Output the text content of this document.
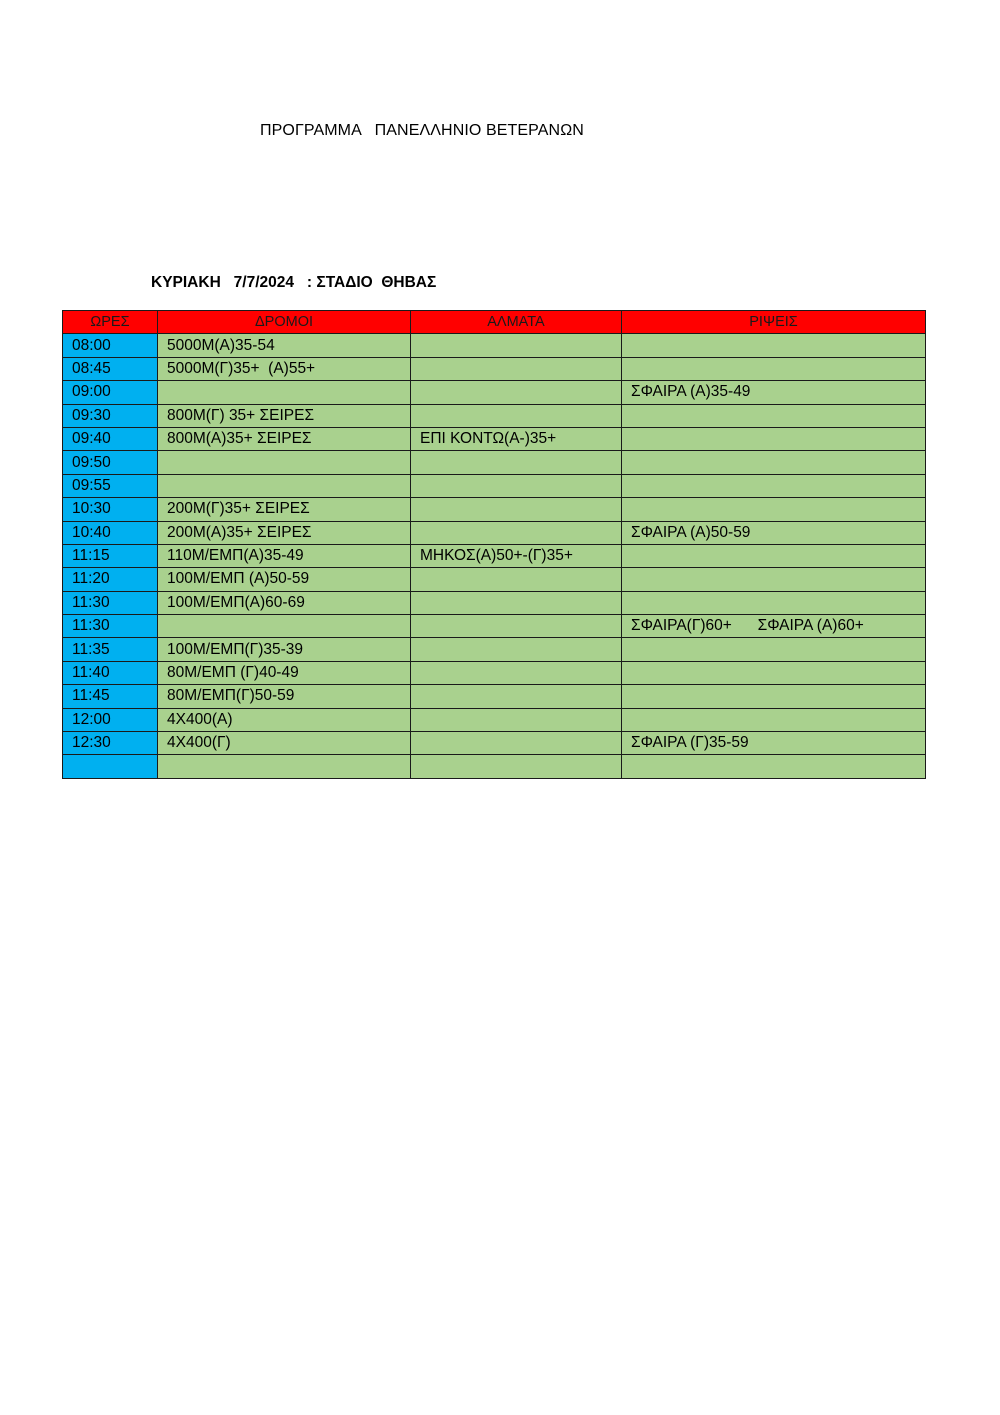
ΠΡΟΓΡΑΜΜΑ   ΠΑΝΕΛΛΗΝΙΟ ΒΕΤΕΡΑΝΩΝ
ΚΥΡΙΑΚΗ   7/7/2024   : ΣΤΑΔΙΟ  ΘΗΒΑΣ
ΩΡΕΣ	ΔΡΟΜΟΙ	ΑΛΜΑΤΑ	ΡΙΨΕΙΣ
08:00	5000Μ(Α)35-54		
08:45	5000Μ(Γ)35+  (Α)55+		
09:00			ΣΦΑΙΡΑ (Α)35-49
09:30	800Μ(Γ) 35+ ΣΕΙΡΕΣ		
09:40	800Μ(Α)35+ ΣΕΙΡΕΣ	ΕΠΙ ΚΟΝΤΩ(Α-)35+	
09:50			
09:55			
10:30	200Μ(Γ)35+ ΣΕΙΡΕΣ		
10:40	200Μ(Α)35+ ΣΕΙΡΕΣ		ΣΦΑΙΡΑ (Α)50-59
11:15	110Μ/ΕΜΠ(Α)35-49	ΜΗΚΟΣ(Α)50+-(Γ)35+	
11:20	100Μ/ΕΜΠ (Α)50-59		
11:30	100Μ/ΕΜΠ(Α)60-69		
11:30			ΣΦΑΙΡΑ(Γ)60+      ΣΦΑΙΡΑ (Α)60+
11:35	100Μ/ΕΜΠ(Γ)35-39		
11:40	80Μ/ΕΜΠ (Γ)40-49		
11:45	80Μ/ΕΜΠ(Γ)50-59		
12:00	4Χ400(Α)		
12:30	4Χ400(Γ)		ΣΦΑΙΡΑ (Γ)35-59
